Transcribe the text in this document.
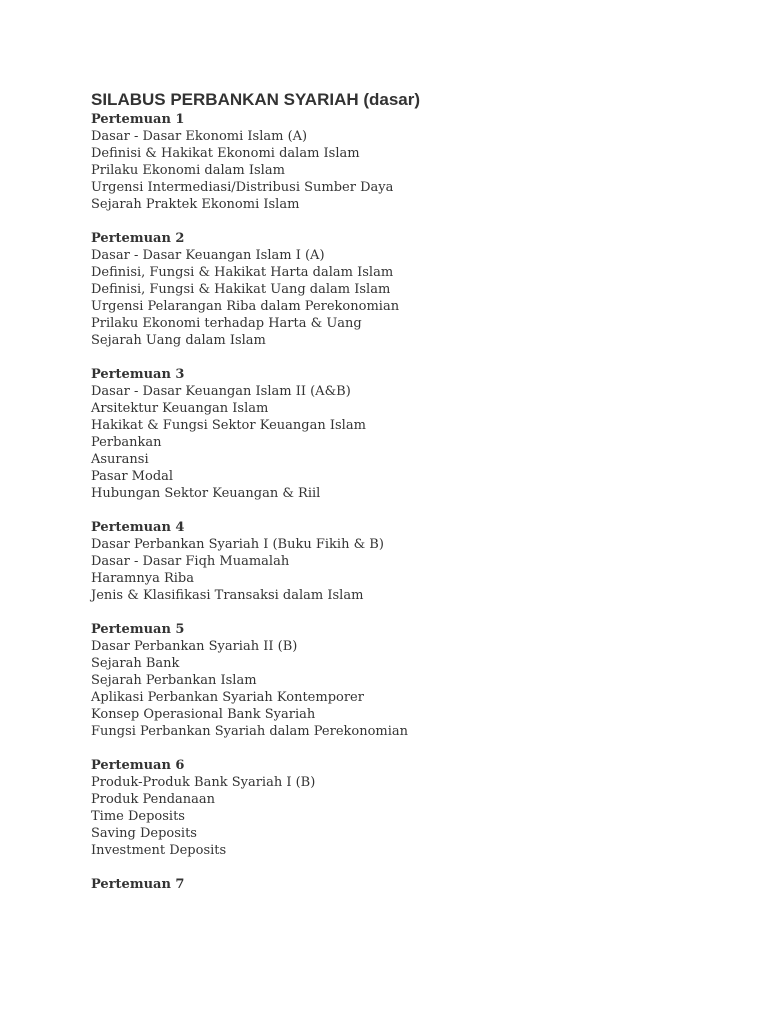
SILABUS PERBANKAN SYARIAH (dasar)
Pertemuan 1
Dasar - Dasar Ekonomi Islam (A)
Definisi & Hakikat Ekonomi dalam Islam
Prilaku Ekonomi dalam Islam
Urgensi Intermediasi/Distribusi Sumber Daya
Sejarah Praktek Ekonomi Islam
Pertemuan 2
Dasar - Dasar Keuangan Islam I (A)
Definisi, Fungsi & Hakikat Harta dalam Islam
Definisi, Fungsi & Hakikat Uang dalam Islam
Urgensi Pelarangan Riba dalam Perekonomian
Prilaku Ekonomi terhadap Harta & Uang
Sejarah Uang dalam Islam
Pertemuan 3
Dasar - Dasar Keuangan Islam II (A&B)
Arsitektur Keuangan Islam
Hakikat & Fungsi Sektor Keuangan Islam
Perbankan
Asuransi
Pasar Modal
Hubungan Sektor Keuangan & Riil
Pertemuan 4
Dasar Perbankan Syariah I (Buku Fikih & B)
Dasar - Dasar Fiqh Muamalah
Haramnya Riba
Jenis & Klasifikasi Transaksi dalam Islam
Pertemuan 5
Dasar Perbankan Syariah II (B)
Sejarah Bank
Sejarah Perbankan Islam
Aplikasi Perbankan Syariah Kontemporer
Konsep Operasional Bank Syariah
Fungsi Perbankan Syariah dalam Perekonomian
Pertemuan 6
Produk-Produk Bank Syariah I (B)
Produk Pendanaan
Time Deposits
Saving Deposits
Investment Deposits
Pertemuan 7
